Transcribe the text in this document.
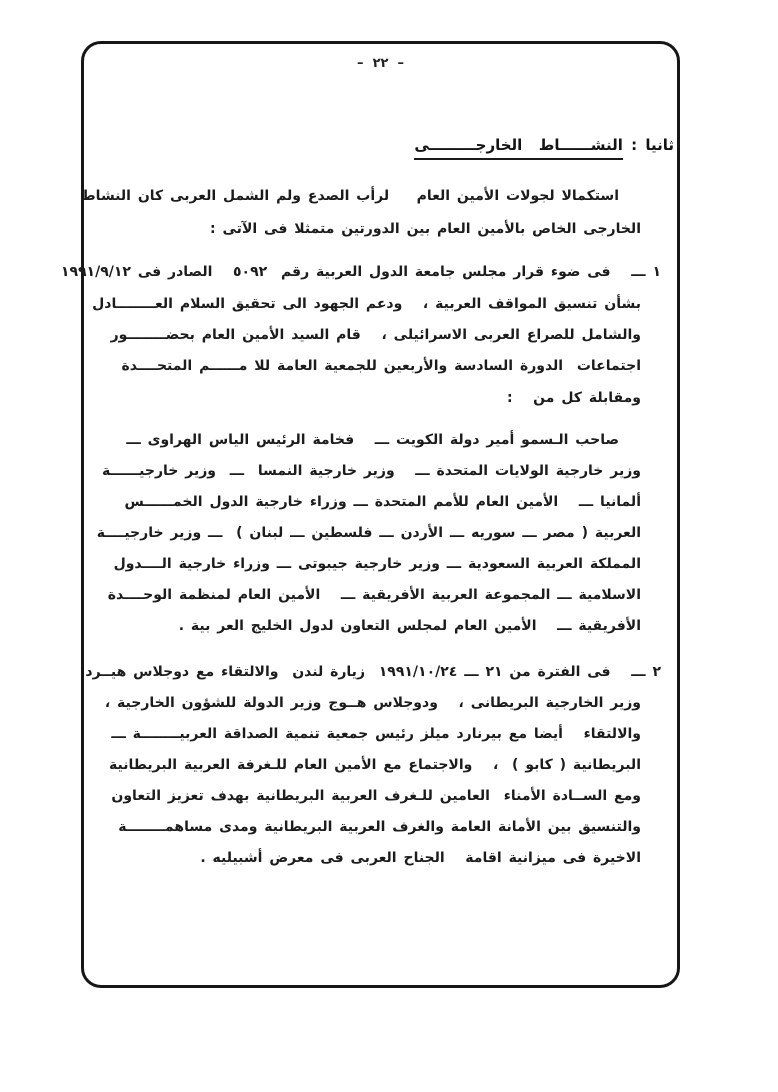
–  ٢٢  –
ثانيا : النشــــــاط  الخارجـــــــــى
استكمالا لجولات الأمين العام    لرأب الصدع ولم الشمل العربى كان النشاط
الخارجى الخاص بالأمين العام بين الدورتين متمثلا فى الآتى :
١ ـــ   فى ضوء قرار مجلس جامعة الدول العربية رقم  ٥٠٩٢   الصادر فى ١٩٩١/٩/١٢
بشأن تنسيق المواقف العربية ،   ودعم الجهود الى تحقيق السلام العــــــــادل
والشامل للصراع العربى الاسرائيلى ،   قام السيد الأمين العام بحضــــــــور
اجتماعات  الدورة السادسة والأربعين للجمعية العامة للا مــــــم المتحــــدة
ومقابلة كل من   :
صاحب الـسمو أمير دولة الكويت ـــ   فخامة الرئيس الياس الهراوى ـــ
وزير خارجية الولايات المتحدة ـــ   وزير خارجية النمسا  ـــ  وزير خارجيــــــة
ألمانيا ـــ   الأمين العام للأمم المتحدة ـــ وزراء خارجية الدول الخمــــــس
العربية ( مصر ـــ سوريه ـــ الأردن ـــ فلسطين ـــ لبنان )  ـــ وزير خارجيــــة
المملكة العربية السعودية ـــ وزير خارجية جيبوتى ـــ وزراء خارجية الــــدول
الاسلامية ـــ المجموعة العربية الأفريقية ـــ   الأمين العام لمنظمة الوحــــدة
الأفريقية ـــ   الأمين العام لمجلس التعاون لدول الخليج العر بية .
٢ ـــ   فى الفترة من ٢١ ـــ ١٩٩١/١٠/٢٤  زيارة لندن  والالتقاء مع دوجلاس هيــرد
وزير الخارجية البريطانى ،   ودوجلاس هــوج وزير الدولة للشؤون الخارجية ،
والالتقاء   أيضا مع بيرنارد ميلز رئيس جمعية تنمية الصداقة العربيــــــــة ـــ
البريطانية ( كابو )  ،   والاجتماع مع الأمين العام للـغرفة العربية البريطانية
ومع الســادة الأمناء  العامين للـغرف العربية البريطانية بهدف تعزيز التعاون
والتنسيق بين الأمانة العامة والغرف العربية البريطانية ومدى مساهمــــــــة
الاخيرة فى ميزانية اقامة   الجناح العربى فى معرض أشبيليه .
